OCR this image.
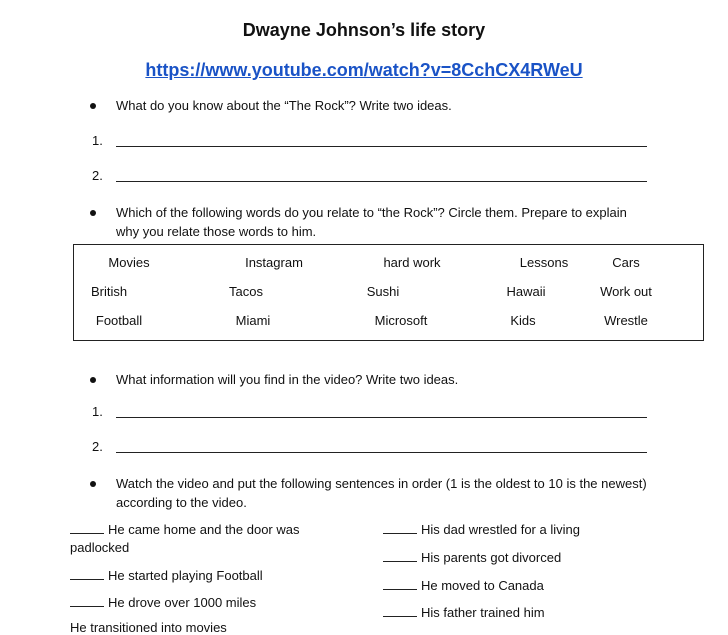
Dwayne Johnson’s life story
https://www.youtube.com/watch?v=8CchCX4RWeU
What do you know about the “The Rock”? Write two ideas.
1.
2.
Which of the following words do you relate to “the Rock”? Circle them. Prepare to explain why you relate those words to him.
Movies	Instagram	hard work	Lessons	Cars
British	Tacos	Sushi	Hawaii	Work out
Football	Miami	Microsoft	Kids	Wrestle
What information will you find in the video? Write two ideas.
1.
2.
Watch the video and put the following sentences in order (1 is the oldest to 10 is the newest) according to the video.
He came home and the door was
padlocked
He started playing Football
He drove over 1000 miles
His dad wrestled for a living
His parents got divorced
He moved to Canada
His father trained him
He transitioned into movies
